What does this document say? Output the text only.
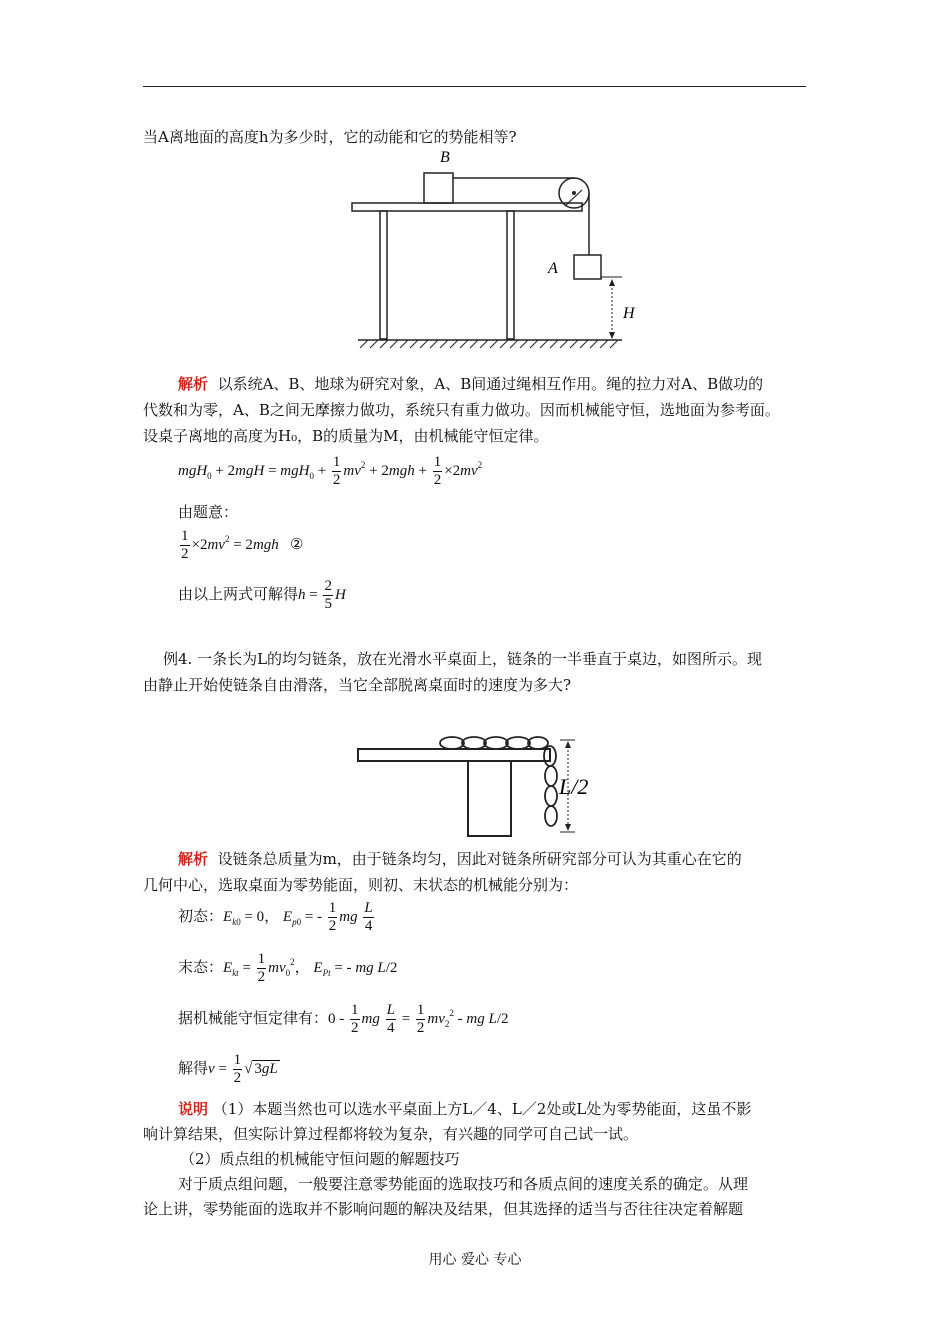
当A离地面的高度h为多少时，它的动能和它的势能相等?
B
A
H
解析 以系统A、B、地球为研究对象，A、B间通过绳相互作用。绳的拉力对A、B做功的
代数和为零，A、B之间无摩擦力做功，系统只有重力做功。因而机械能守恒，选地面为参考面。
设桌子离地的高度为H₀，B的质量为M，由机械能守恒定律。
$mgH_0 + 2mgH = mgH_0 + \frac{1}{2} mv^2 + 2mgh + \frac{1}{2} \times 2mv^2$
由题意：
$\frac{1}{2} \times 2mv^2 = 2mgh$ ②
由以上两式可解得$h = \frac{2}{5}$ H
例4. 一条长为L的均匀链条，放在光滑水平桌面上，链条的一半垂直于桌边，如图所示。现
由静止开始使链条自由滑落，当它全部脱离桌面时的速度为多大?
L/2
解析 设链条总质量为m，由于链条均匀，因此对链条所研究部分可认为其重心在它的
几何中心，选取桌面为零势能面，则初、末状态的机械能分别为：
初态：$E_{k0} = 0$， $E_{p0}$ = - $\frac{1}{2}$ mg $\frac{L}{4}$
末态：$E_{kt} = \frac{1}{2} mv_0^2$， $E_{Pt}$ = - mg L/2
据机械能守恒定律有：$0 - \frac{1}{2}$ mg $\frac{L}{4} = \frac{1}{2} mv_2^2$ - mg L/2
解得$v = \frac{1}{2}$ √ 3gL
说明 （1）本题当然也可以选水平桌面上方L／4、L／2处或L处为零势能面，这虽不影
响计算结果，但实际计算过程都将较为复杂，有兴趣的同学可自己试一试。
（2）质点组的机械能守恒问题的解题技巧
对于质点组问题，一般要注意零势能面的选取技巧和各质点间的速度关系的确定。从理
论上讲，零势能面的选取并不影响问题的解决及结果，但其选择的适当与否往往决定着解题
用心 爱心 专心
